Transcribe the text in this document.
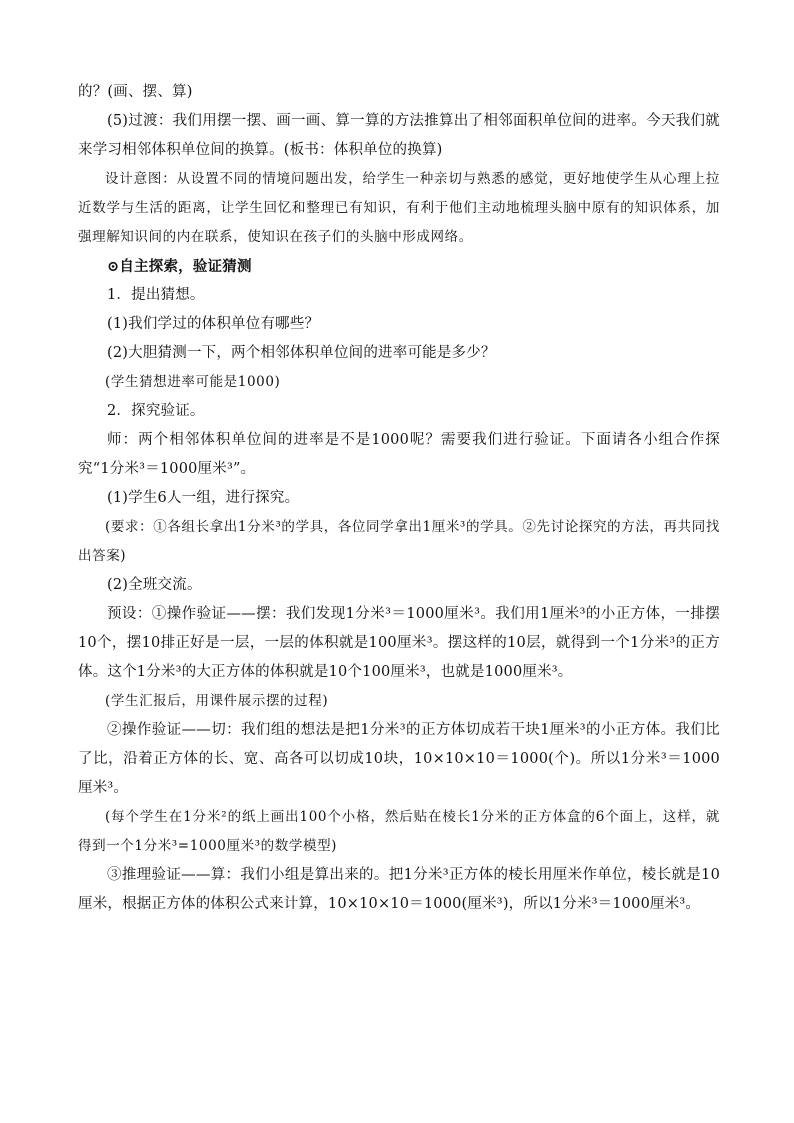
的？(画、摆、算)

(5)过渡：我们用摆一摆、画一画、算一算的方法推算出了相邻面积单位间的进率。今天我们就来学习相邻体积单位间的换算。(板书：体积单位的换算)

设计意图：从设置不同的情境问题出发，给学生一种亲切与熟悉的感觉，更好地使学生从心理上拉近数学与生活的距离，让学生回忆和整理已有知识，有利于他们主动地梳理头脑中原有的知识体系，加强理解知识间的内在联系，使知识在孩子们的头脑中形成网络。

⊙自主探索，验证猜测

1．提出猜想。

(1)我们学过的体积单位有哪些？

(2)大胆猜测一下，两个相邻体积单位间的进率可能是多少？

(学生猜想进率可能是1000)

2．探究验证。

师：两个相邻体积单位间的进率是不是1000呢？需要我们进行验证。下面请各小组合作探究“1分米³＝1000厘米³”。

(1)学生6人一组，进行探究。

(要求：①各组长拿出1分米³的学具，各位同学拿出1厘米³的学具。②先讨论探究的方法，再共同找出答案)

(2)全班交流。

预设：①操作验证——摆：我们发现1分米³＝1000厘米³。我们用1厘米³的小正方体，一排摆10个，摆10排正好是一层，一层的体积就是100厘米³。摆这样的10层，就得到一个1分米³的正方体。这个1分米³的大正方体的体积就是10个100厘米³，也就是1000厘米³。

(学生汇报后，用课件展示摆的过程)

②操作验证——切：我们组的想法是把1分米³的正方体切成若干块1厘米³的小正方体。我们比了比，沿着正方体的长、宽、高各可以切成10块，10×10×10＝1000(个)。所以1分米³＝1000厘米³。

(每个学生在1分米²的纸上画出100个小格，然后贴在棱长1分米的正方体盒的6个面上，这样，就得到一个1分米³=1000厘米³的数学模型)

③推理验证——算：我们小组是算出来的。把1分米³正方体的棱长用厘米作单位，棱长就是10厘米，根据正方体的体积公式来计算，10×10×10＝1000(厘米³)，所以1分米³＝1000厘米³。
